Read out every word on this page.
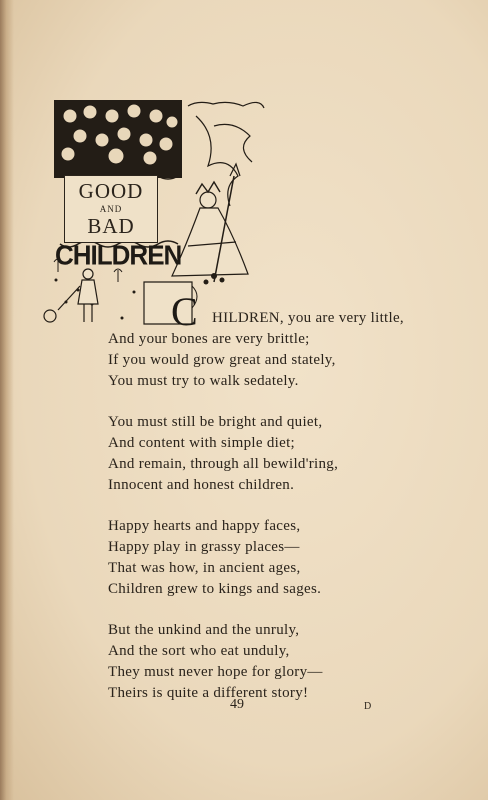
GOOD
AND
BAD
CHILDREN
C HILDREN, you are very little,
And your bones are very brittle;
If you would grow great and stately,
You must try to walk sedately.
You must still be bright and quiet,
And content with simple diet;
And remain, through all bewild'ring,
Innocent and honest children.
Happy hearts and happy faces,
Happy play in grassy places—
That was how, in ancient ages,
Children grew to kings and sages.
But the unkind and the unruly,
And the sort who eat unduly,
They must never hope for glory—
Theirs is quite a different story!
49	D
